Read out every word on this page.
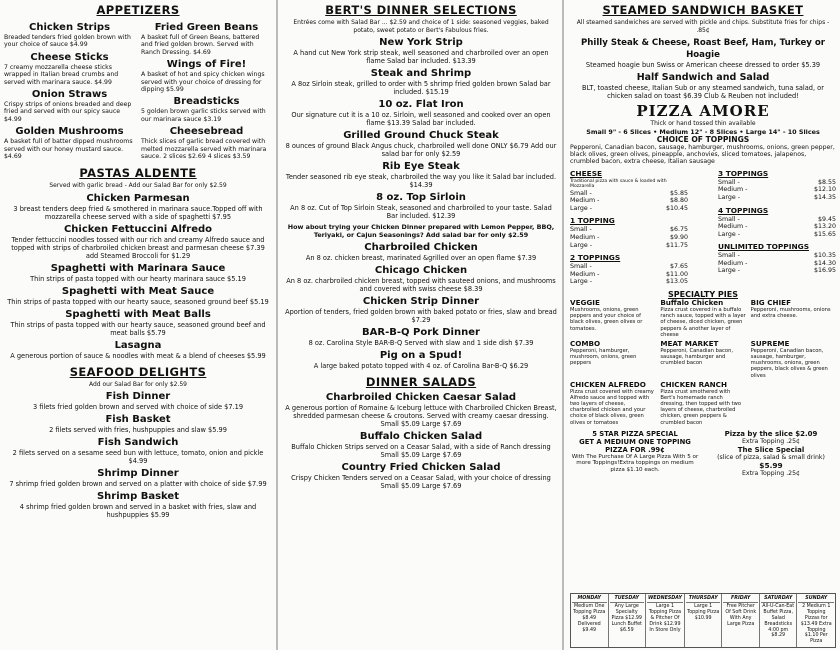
APPETIZERS
Chicken Strips
Breaded tenders fried golden brown with your choice of sauce $4.99
Cheese Sticks
7 creamy mozzarella cheese sticks wrapped in Italian bread crumbs and served with marinara sauce. $4.99
Onion Straws
Crispy strips of onions breaded and deep fried and served with our spicy sauce $4.99
Golden Mushrooms
A basket full of batter dipped mushrooms served with our honey mustard sauce. $4.69
Fried Green Beans
A basket full of Green Beans, battered and fried golden brown. Served with Ranch Dressing. $4.69
Wings of Fire!
A basket of hot and spicy chicken wings served with your choice of dressing for dipping $5.99
Breadsticks
5 golden brown garlic sticks served with our marinara sauce $3.19
Cheesebread
Thick slices of garlic bread covered with melted mozzarella served with marinara sauce. 2 slices $2.69 4 slices $3.59
PASTAS ALDENTE
Served with garlic bread - Add our Salad Bar for only $2.59
Chicken Parmesan
3 breast tenders deep fried & smothered in marinara sauce.Topped off with mozzarella cheese served with a side of spaghetti $7.95
Chicken Fettuccini Alfredo
Tender fettuccini noodles tossed with our rich and creamy Alfredo sauce and topped with strips of charbroiled chicken breast and parmesan cheese $7.39 add Steamed Broccoli for $1.29
Spaghetti with Marinara Sauce
Thin strips of pasta topped with our hearty marinara sauce $5.19
Spaghetti with Meat Sauce
Thin strips of pasta topped with our hearty sauce, seasoned ground beef $5.19
Spaghetti with Meat Balls
Thin strips of pasta topped with our hearty sauce, seasoned ground beef and meat balls $5.79
Lasagna
A generous portion of sauce & noodles with meat & a blend of cheeses $5.99
SEAFOOD DELIGHTS
Add our Salad Bar for only $2.59
Fish Dinner
3 filets fried golden brown and served with choice of side $7.19
Fish Basket
2 filets served with fries, hushpuppies and slaw $5.99
Fish Sandwich
2 filets served on a sesame seed bun with lettuce, tomato, onion and pickle $4.99
Shrimp Dinner
7 shrimp fried golden brown and served on a platter with choice of side $7.99
Shrimp Basket
4 shrimp fried golden brown and served in a basket with fries, slaw and hushpuppies $5.99
BERT'S DINNER SELECTIONS
Entrées come with Salad Bar ... $2.59 and choice of 1 side: seasoned veggies, baked potato, sweet potato or Bert's Fabulous fries.
New York Strip
A hand cut New York strip steak, well seasoned and charbroiled over an open flame Salad bar included. $13.39
Steak and Shrimp
A 8oz Sirloin steak, grilled to order with 5 shrimp fried golden brown Salad bar included. $15.19
10 oz. Flat Iron
Our signature cut it is a 10 oz. Sirloin, well seasoned and cooked over an open flame $13.39 Salad bar included.
Grilled Ground Chuck Steak
8 ounces of ground Black Angus chuck, charbroiled well done ONLY $6.79 Add our salad bar for only $2.59
Rib Eye Steak
Tender seasoned rib eye steak, charbroiled the way you like it Salad bar included. $14.39
8 oz. Top Sirloin
An 8 oz. Cut of Top Sirloin Steak, seasoned and charbroiled to your taste. Salad Bar included. $12.39
How about trying your Chicken Dinner prepared with Lemon Pepper, BBQ, Teriyaki, or Cajun Seasonings? Add salad bar for only $2.59
Charbroiled Chicken
An 8 oz. chicken breast, marinated &grilled over an open flame $7.39
Chicago Chicken
An 8 oz. charbroiled chicken breast, topped with sauteed onions, and mushrooms and covered with swiss cheese $8.39
Chicken Strip Dinner
Aportion of tenders, fried golden brown with baked potato or fries, slaw and bread $7.29
BAR-B-Q Pork Dinner
8 oz. Carolina Style BAR-B-Q Served with slaw and 1 side dish $7.39
Pig on a Spud!
A large baked potato topped with 4 oz. of Carolina Bar-B-Q $6.29
DINNER SALADS
Charbroiled Chicken Caesar Salad
A generous portion of Romaine & Iceburg lettuce with Charbroiled Chicken Breast, shredded parmesan cheese & croutons. Served with creamy caesar dressing. Small $5.09 Large $7.69
Buffalo Chicken Salad
Buffalo Chicken Strips served on a Ceasar Salad, with a side of Ranch dressing Small $5.09 Large $7.69
Country Fried Chicken Salad
Crispy Chicken Tenders served on a Ceasar Salad, with your choice of dressing Small $5.09 Large $7.69
STEAMED SANDWICH BASKET
All steamed sandwiches are served with pickle and chips. Substitute fries for chips - .85¢
Philly Steak & Cheese, Roast Beef, Ham, Turkey or Hoagie
Steamed hoagie bun Swiss or American cheese dressed to order $5.39
Half Sandwich and Salad
BLT, toasted cheese, Italian Sub or any steamed sandwich, tuna salad, or chicken salad on toast $6.39 Club & Reuben not included!
PIZZA AMORE
Thick or hand tossed thin available
Small 9" - 6 Slices • Medium 12" - 8 Slices • Large 14" - 10 Slices
CHOICE OF TOPPINGS
Pepperoni, Canadian bacon, sausage, hamburger, mushrooms, onions, green pepper, black olives, green olives, pineapple, anchovies, sliced tomatoes, jalapenos, crumbled bacon, extra cheese, Italian sausage
CHEESE
Traditional pizza with sauce & loaded with Mozzarella
Small -	$5.85
Medium -	$8.80
Large -	$10.45
1 TOPPING
Small -	$6.75
Medium -	$9.90
Large -	$11.75
2 TOPPINGS
Small -	$7.65
Medium -	$11.00
Large -	$13.05
3 TOPPINGS
Small -	$8.55
Medium -	$12.10
Large -	$14.35
4 TOPPINGS
Small -	$9.45
Medium -	$13.20
Large -	$15.65
UNLIMITED TOPPINGS
Small -	$10.35
Medium -	$14.30
Large -	$16.95
SPECIALTY PIES
VEGGIE
Mushrooms, onions, green peppers and your choice of black olives, green olives or tomatoes.
Buffalo Chicken
Pizza crust covered in a buffalo ranch sauce, topped with a layer of cheese, diced chicken, green peppers & another layer of cheese
BIG CHIEF
Pepperoni, mushrooms, onions and extra cheese.
COMBO
Pepperoni, hamburger, mushroom, onions, green peppers
MEAT MARKET
Pepperoni, Canadian bacon, sausage, hamburger and crumbled bacon
SUPREME
Pepperoni, Canadian bacon, sausage, hamburger, mushrooms, onions, green peppers, black olives & green olives
CHICKEN ALFREDO
Pizza crust covered with creamy Alfredo sauce and topped with two layers of cheese, charbroiled chicken and your choice of black olives, green olives or tomatoes
CHICKEN RANCH
Pizza crust smothered with Bert's homemade ranch dressing, then topped with two layers of cheese, charbroiled chicken, green peppers & crumbled bacon
5 STAR PIZZA SPECIAL
GET A MEDIUM ONE TOPPING PIZZA FOR .99¢
With The Purchase Of A Large Pizza With 5 or more Toppings!Extra toppings on medium pizza $1.10 each.
Pizza by the slice $2.09
Extra Topping .25¢
The Slice Special
(slice of pizza, salad & small drink)
$5.99
Extra Topping .25¢
MONDAY
Medium One Topping Pizza $8.49 Delivered $9.49
TUESDAY
Any Large Specialty Pizza $12.99 Lunch Buffet $6.59
WEDNESDAY
Large 1 Topping Pizza & Pitcher Of Drink $12.99 In Store Only
THURSDAY
Large 1 Topping Pizza $10.99
FRIDAY
Free Pitcher Of Soft Drink With Any Large Pizza
SATURDAY
All-U-Can-Eat Buffet Pizza, Salad Breadsticks 4:00 pm $8.29
SUNDAY
2 Medium 1 Topping Pizzas for $13.49 Extra Topping $1.10 Per Pizza
